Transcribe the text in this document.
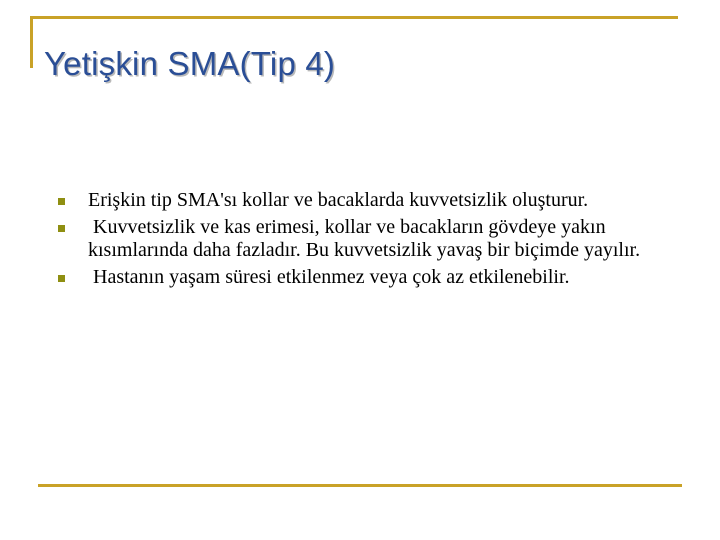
Yetişkin SMA(Tip 4)
Erişkin tip SMA'sı kollar ve bacaklarda kuvvetsizlik oluşturur.
Kuvvetsizlik ve kas erimesi, kollar ve bacakların gövdeye yakın kısımlarında daha fazladır. Bu kuvvetsizlik yavaş bir biçimde yayılır.
Hastanın yaşam süresi etkilenmez veya çok az etkilenebilir.
